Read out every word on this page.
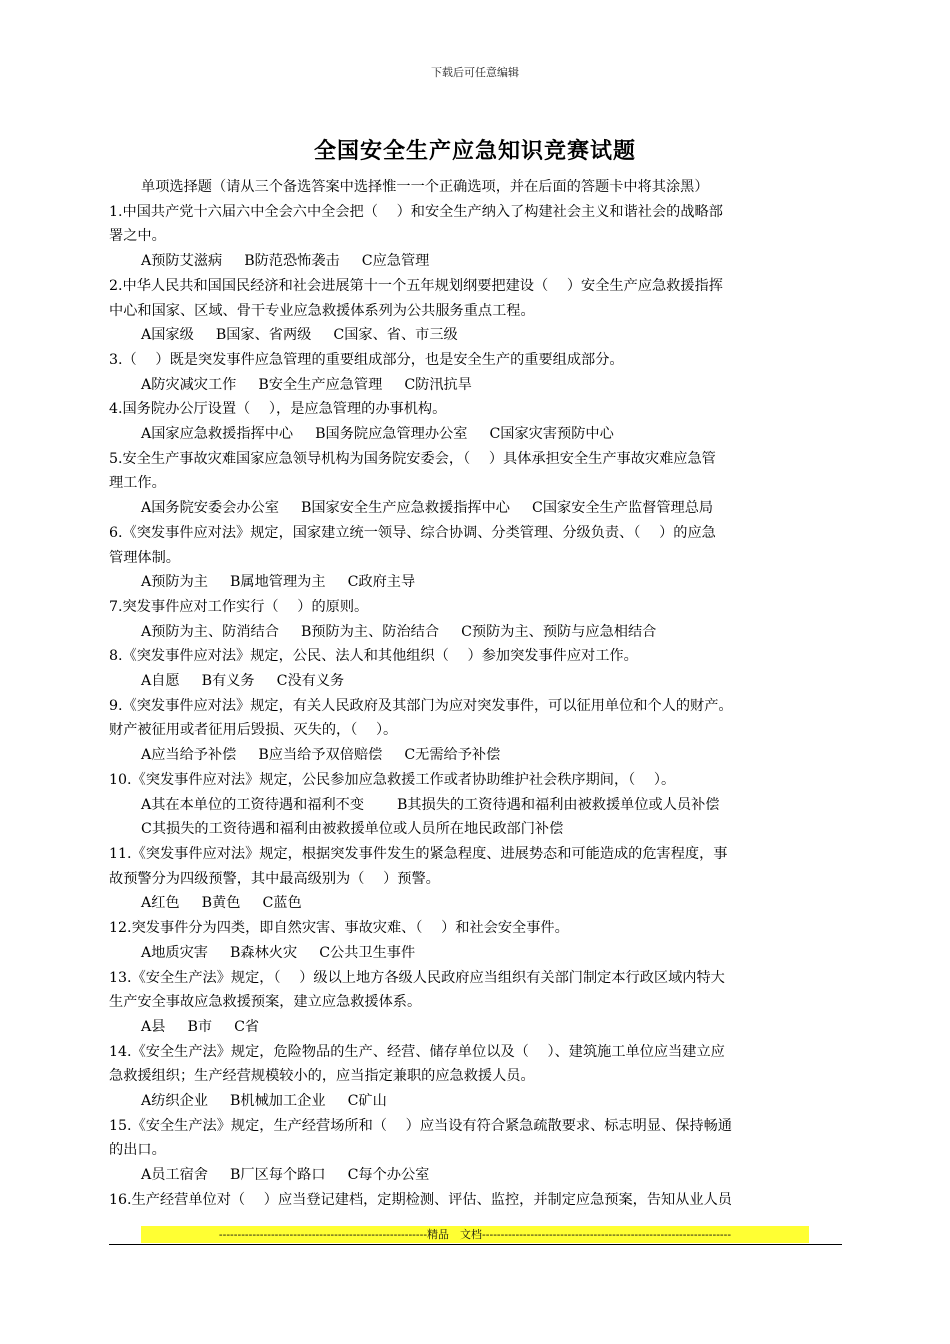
下载后可任意编辑
全国安全生产应急知识竞赛试题
单项选择题（请从三个备选答案中选择惟一一个正确选项，并在后面的答题卡中将其涂黑）
1.中国共产党十六届六中全会六中全会把（　 ）和安全生产纳入了构建社会主义和谐社会的战略部
署之中。
A预防艾滋病 B防范恐怖袭击 C应急管理
2.中华人民共和国国民经济和社会进展第十一个五年规划纲要把建设（　 ）安全生产应急救援指挥
中心和国家、区域、骨干专业应急救援体系列为公共服务重点工程。
A国家级 B国家、省两级 C国家、省、市三级
3.（　 ）既是突发事件应急管理的重要组成部分，也是安全生产的重要组成部分。
A防灾减灾工作 B安全生产应急管理 C防汛抗旱
4.国务院办公厅设置（　 ），是应急管理的办事机构。
A国家应急救援指挥中心 B国务院应急管理办公室 C国家灾害预防中心
5.安全生产事故灾难国家应急领导机构为国务院安委会，（　 ）具体承担安全生产事故灾难应急管
理工作。
A国务院安委会办公室 B国家安全生产应急救援指挥中心 C国家安全生产监督管理总局
6.《突发事件应对法》规定，国家建立统一领导、综合协调、分类管理、分级负责、（　 ）的应急
管理体制。
A预防为主 B属地管理为主 C政府主导
7.突发事件应对工作实行（　 ）的原则。
A预防为主、防消结合 B预防为主、防治结合 C预防为主、预防与应急相结合
8.《突发事件应对法》规定，公民、法人和其他组织（　 ）参加突发事件应对工作。
A自愿 B有义务 C没有义务
9.《突发事件应对法》规定，有关人民政府及其部门为应对突发事件，可以征用单位和个人的财产。
财产被征用或者征用后毁损、灭失的，（　 ）。
A应当给予补偿 B应当给予双倍赔偿 C无需给予补偿
10.《突发事件应对法》规定，公民参加应急救援工作或者协助维护社会秩序期间，（　 ）。
A其在本单位的工资待遇和福利不变　　 B其损失的工资待遇和福利由被救援单位或人员补偿
C其损失的工资待遇和福利由被救援单位或人员所在地民政部门补偿
11.《突发事件应对法》规定，根据突发事件发生的紧急程度、进展势态和可能造成的危害程度，事
故预警分为四级预警，其中最高级别为（　 ）预警。
A红色 B黄色 C蓝色
12.突发事件分为四类，即自然灾害、事故灾难、（　 ）和社会安全事件。
A地质灾害 B森林火灾 C公共卫生事件
13.《安全生产法》规定，（　 ）级以上地方各级人民政府应当组织有关部门制定本行政区域内特大
生产安全事故应急救援预案，建立应急救援体系。
A县 B市 C省
14.《安全生产法》规定，危险物品的生产、经营、储存单位以及（　 ）、建筑施工单位应当建立应
急救援组织；生产经营规模较小的，应当指定兼职的应急救援人员。
A纺织企业 B机械加工企业 C矿山
15.《安全生产法》规定，生产经营场所和（　 ）应当设有符合紧急疏散要求、标志明显、保持畅通
的出口。
A员工宿舍 B厂区每个路口 C每个办公室
16.生产经营单位对（　 ）应当登记建档，定期检测、评估、监控，并制定应急预案，告知从业人员
--------------------------------------------------------精品　文档-------------------------------------------------------------------
